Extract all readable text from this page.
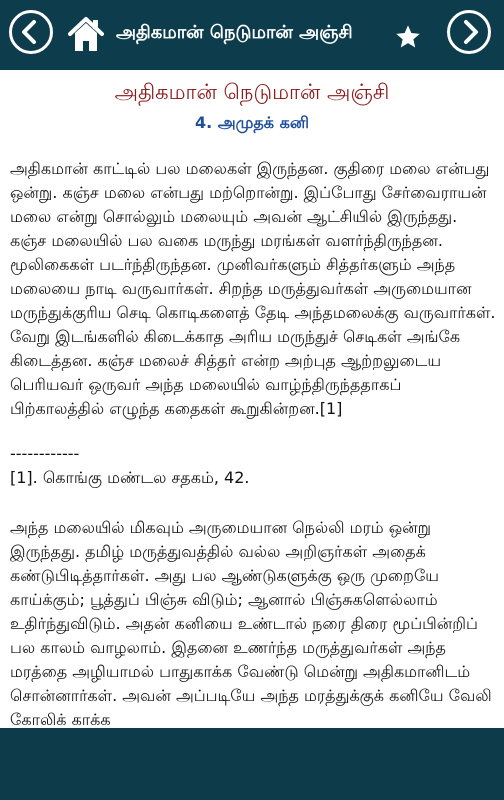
அதிகமான் நெடுமான் அஞ்சி
அதிகமான் நெடுமான் அஞ்சி
4. அமுதக் கனி

அதிகமான் காட்டில் பல மலைகள் இருந்தன. குதிரை மலை என்பது ஒன்று. கஞ்ச மலை என்பது மற்றொன்று. இப்போது சேர்வைராயன் மலை என்று சொல்லும் மலையும் அவன் ஆட்சியில் இருந்தது. கஞ்ச மலையில் பல வகை மருந்து மரங்கள் வளர்ந்திருந்தன. மூலிகைகள் படர்ந்திருந்தன. முனிவர்களும் சித்தர்களும் அந்த மலையை நாடி வருவார்கள். சிறந்த மருத்துவர்கள் அருமையான மருந்துக்குரிய செடி கொடிகளைத் தேடி அந்தமலைக்கு வருவார்கள். வேறு இடங்களில் கிடைக்காத அரிய மருந்துச் செடிகள் அங்கே கிடைத்தன. கஞ்ச மலைச் சித்தர் என்ற அற்புத ஆற்றலுடைய பெரியவர் ஒருவர் அந்த மலையில் வாழ்ந்திருந்ததாகப் பிற்காலத்தில் எழுந்த கதைகள் கூறுகின்றன.[1]

------------
[1]. கொங்கு மண்டல சதகம், 42.

அந்த மலையில் மிகவும் அருமையான நெல்லி மரம் ஒன்று இருந்தது. தமிழ் மருத்துவத்தில் வல்ல அறிஞர்கள் அதைக் கண்டுபிடித்தார்கள். அது பல ஆண்டுகளுக்கு ஒரு முறையே காய்க்கும்; பூத்துப் பிஞ்சு விடும்; ஆனால் பிஞ்சுகளெல்லாம் உதிர்ந்துவிடும். அதன் கனியை உண்டால் நரை திரை மூப்பின்றிப் பல காலம் வாழலாம். இதனை உணர்ந்த மருத்துவர்கள் அந்த மரத்தை அழியாமல் பாதுகாக்க வேண்டு மென்று அதிகமானிடம் சொன்னார்கள். அவன் அப்படியே அந்த மரத்துக்குக் கனியே வேலி கோலிக் காக்க
